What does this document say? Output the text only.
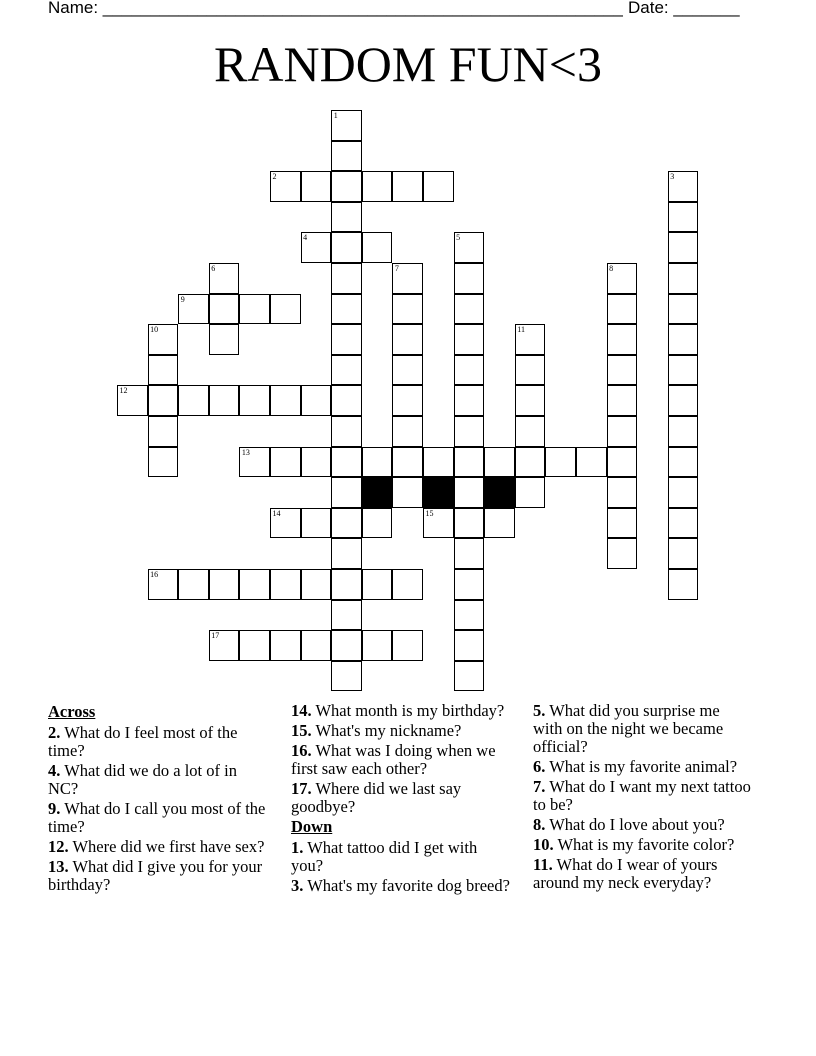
Name: _______________________________________________________ Date: _______
RANDOM FUN<3
2
4
9
12
13
14	15
16
17
1
3
5
6	7	8
10	11
Across
2. What do I feel most of the time?
4. What did we do a lot of in NC?
9. What do I call you most of the time?
12. Where did we first have sex?
13. What did I give you for your birthday?
14. What month is my birthday?
15. What's my nickname?
16. What was I doing when we first saw each other?
17. Where did we last say goodbye?
Down
1. What tattoo did I get with you?
3. What's my favorite dog breed?
5. What did you surprise me with on the night we became official?
6. What is my favorite animal?
7. What do I want my next tattoo to be?
8. What do I love about you?
10. What is my favorite color?
11. What do I wear of yours around my neck everyday?
